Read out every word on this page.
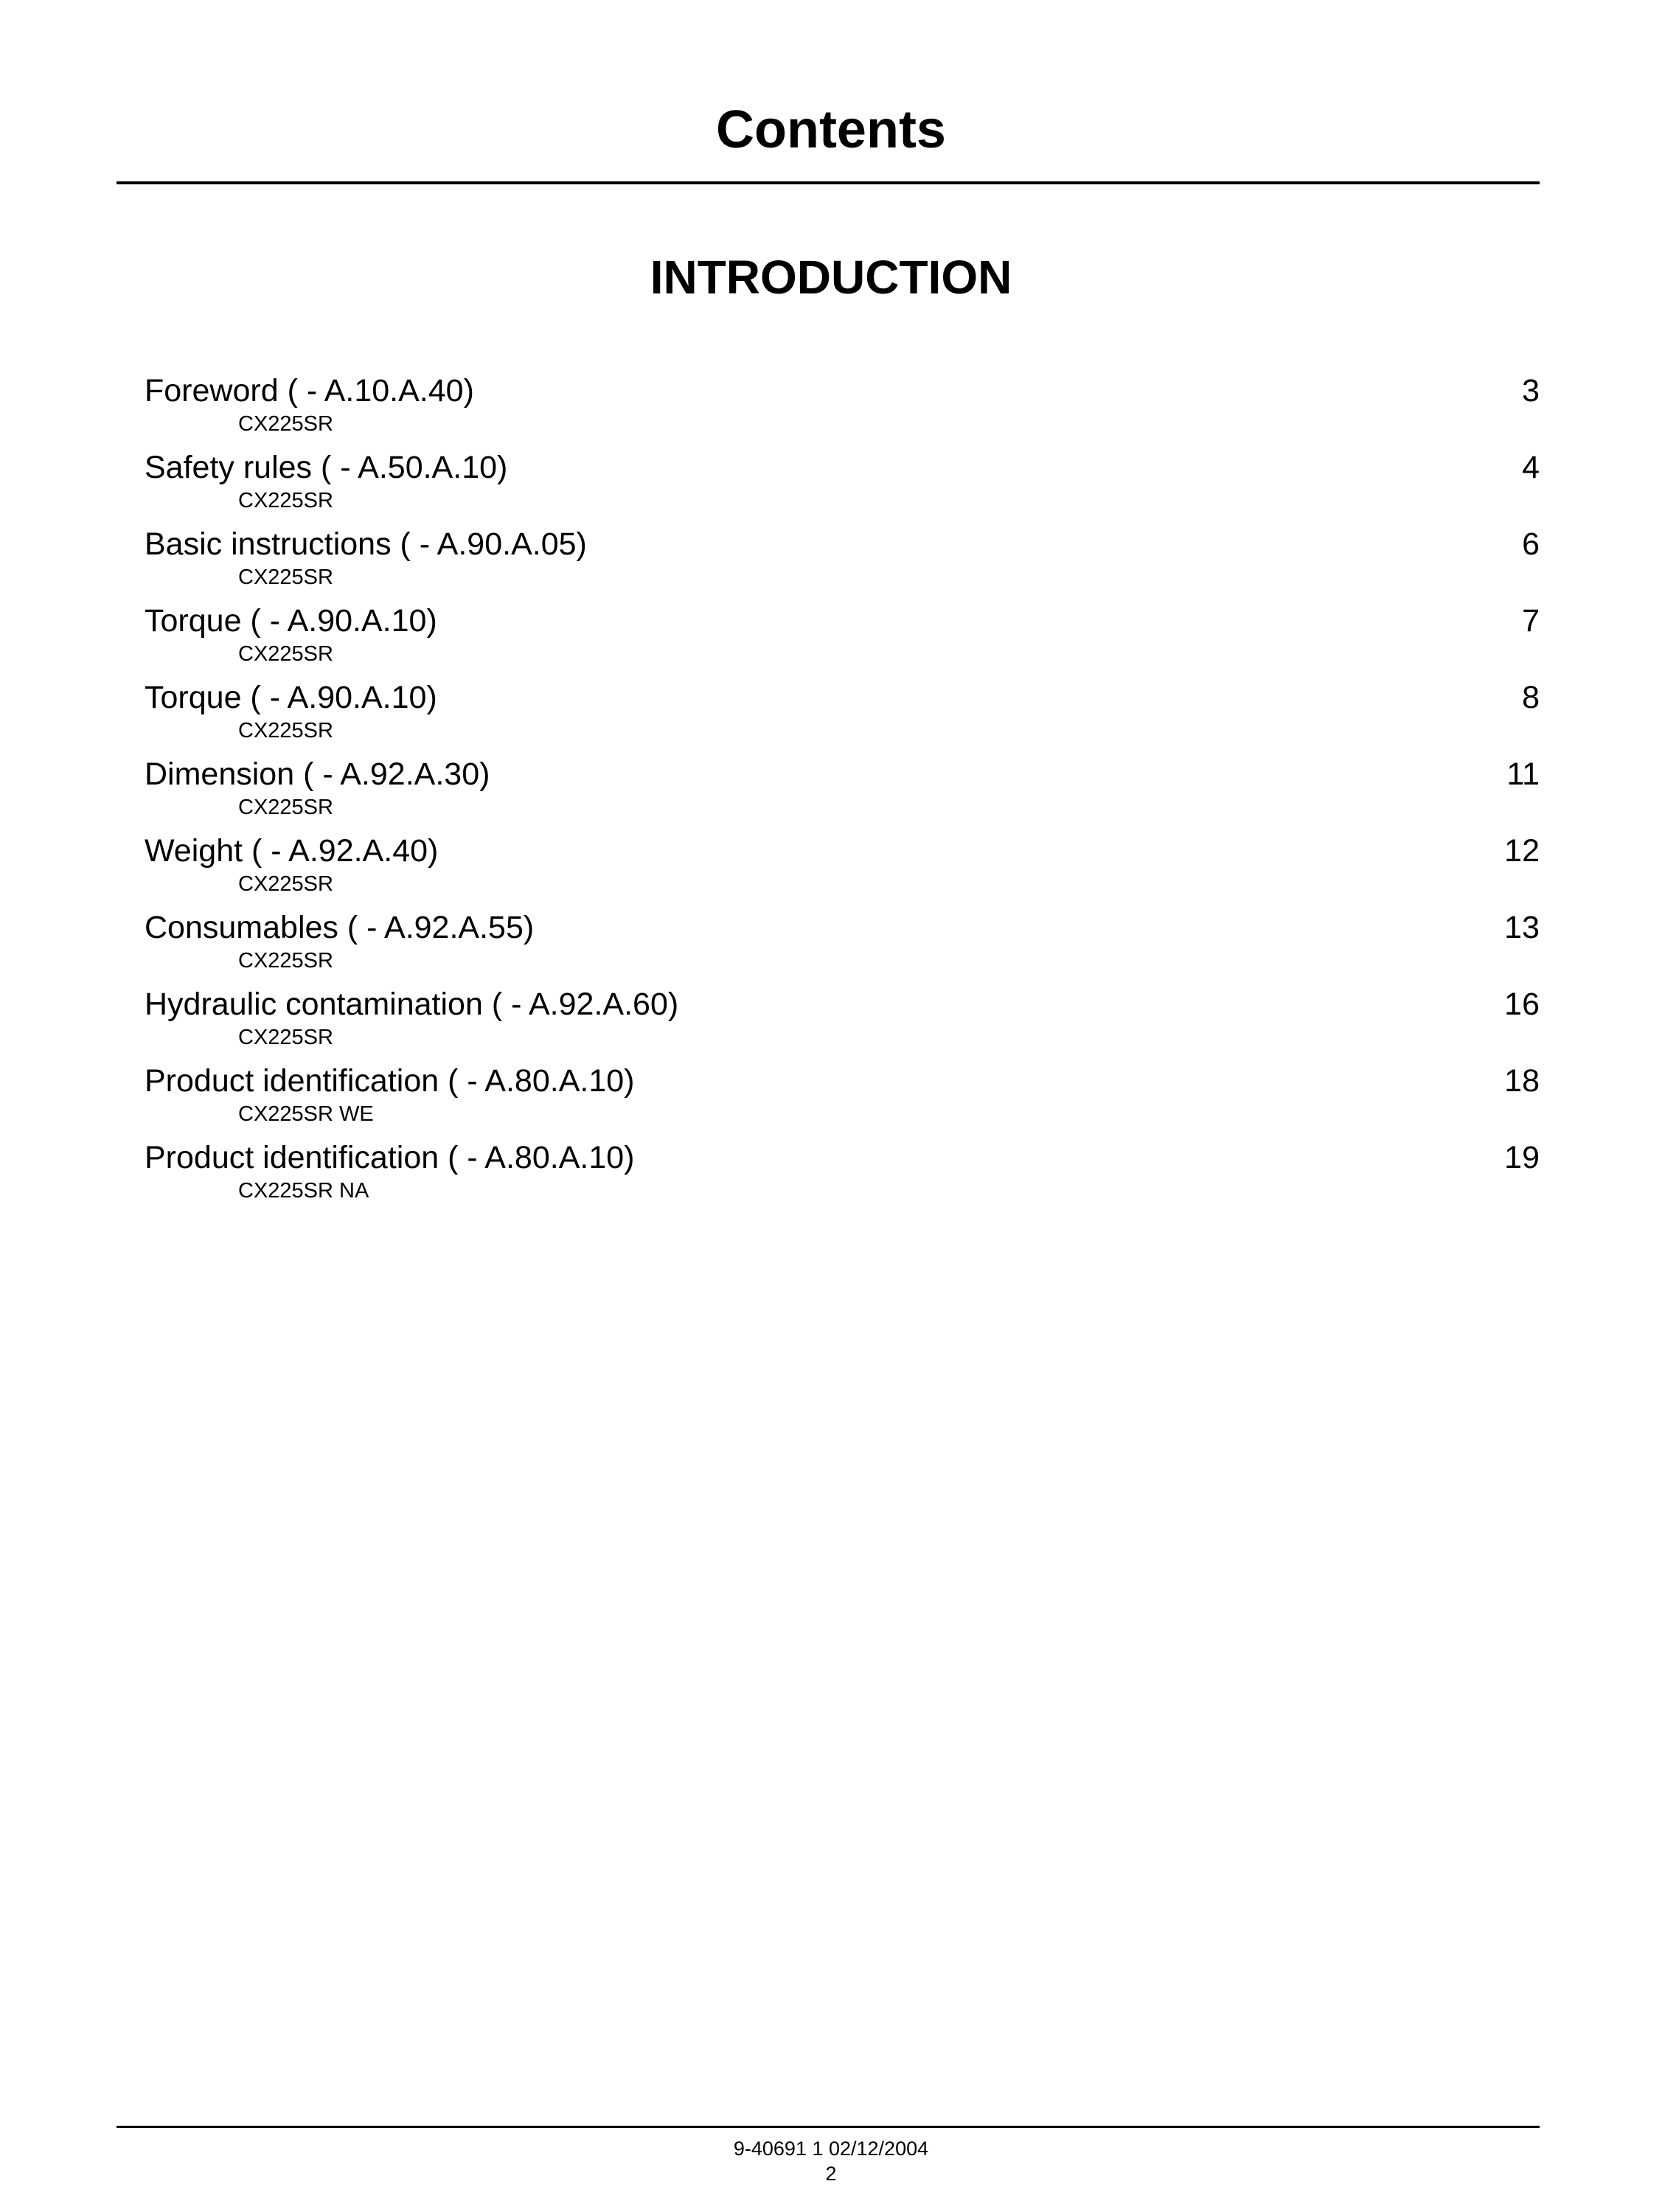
Contents
INTRODUCTION
Foreword ( - A.10.A.40)
CX225SR
3
Safety rules ( - A.50.A.10)
CX225SR
4
Basic instructions ( - A.90.A.05)
CX225SR
6
Torque ( - A.90.A.10)
CX225SR
7
Torque ( - A.90.A.10)
CX225SR
8
Dimension ( - A.92.A.30)
CX225SR
11
Weight ( - A.92.A.40)
CX225SR
12
Consumables ( - A.92.A.55)
CX225SR
13
Hydraulic contamination ( - A.92.A.60)
CX225SR
16
Product identification ( - A.80.A.10)
CX225SR WE
18
Product identification ( - A.80.A.10)
CX225SR NA
19
9-40691 1 02/12/2004
2
